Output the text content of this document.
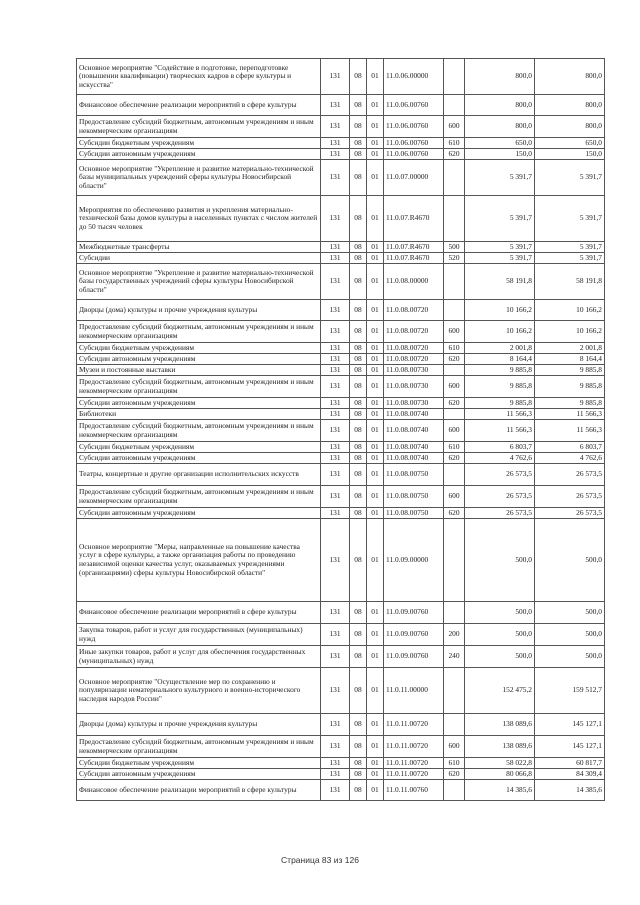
Основное мероприятие "Содействие в подготовке, переподготовке (повышении квалификации) творческих кадров в сфере культуры и искусства"	131	08	01	11.0.06.00000		800,0	800,0
Финансовое обеспечение реализации мероприятий в сфере культуры	131	08	01	11.0.06.00760		800,0	800,0
Предоставление субсидий бюджетным, автономным учреждениям и иным некоммерческим организациям	131	08	01	11.0.06.00760	600	800,0	800,0
Субсидии бюджетным учреждениям	131	08	01	11.0.06.00760	610	650,0	650,0
Субсидии автономным учреждениям	131	08	01	11.0.06.00760	620	150,0	150,0
Основное мероприятие "Укрепление и развитие материально-технической базы муниципальных учреждений сферы культуры Новосибирской области"	131	08	01	11.0.07.00000		5 391,7	5 391,7
Мероприятия по обеспечению развития и укрепления материально-технической базы домов культуры в населенных пунктах с числом жителей до 50 тысяч человек	131	08	01	11.0.07.R4670		5 391,7	5 391,7
Межбюджетные трансферты	131	08	01	11.0.07.R4670	500	5 391,7	5 391,7
Субсидии	131	08	01	11.0.07.R4670	520	5 391,7	5 391,7
Основное мероприятие "Укрепление и развитие материально-технической базы государственных учреждений сферы культуры Новосибирской области"	131	08	01	11.0.08.00000		58 191,8	58 191,8
Дворцы (дома) культуры и прочие учреждения культуры	131	08	01	11.0.08.00720		10 166,2	10 166,2
Предоставление субсидий бюджетным, автономным учреждениям и иным некоммерческим организациям	131	08	01	11.0.08.00720	600	10 166,2	10 166,2
Субсидии бюджетным учреждениям	131	08	01	11.0.08.00720	610	2 001,8	2 001,8
Субсидии автономным учреждениям	131	08	01	11.0.08.00720	620	8 164,4	8 164,4
Музеи и постоянные выставки	131	08	01	11.0.08.00730		9 885,8	9 885,8
Предоставление субсидий бюджетным, автономным учреждениям и иным некоммерческим организациям	131	08	01	11.0.08.00730	600	9 885,8	9 885,8
Субсидии автономным учреждениям	131	08	01	11.0.08.00730	620	9 885,8	9 885,8
Библиотеки	131	08	01	11.0.08.00740		11 566,3	11 566,3
Предоставление субсидий бюджетным, автономным учреждениям и иным некоммерческим организациям	131	08	01	11.0.08.00740	600	11 566,3	11 566,3
Субсидии бюджетным учреждениям	131	08	01	11.0.08.00740	610	6 803,7	6 803,7
Субсидии автономным учреждениям	131	08	01	11.0.08.00740	620	4 762,6	4 762,6
Театры, концертные и другие организации исполнительских искусств	131	08	01	11.0.08.00750		26 573,5	26 573,5
Предоставление субсидий бюджетным, автономным учреждениям и иным некоммерческим организациям	131	08	01	11.0.08.00750	600	26 573,5	26 573,5
Субсидии автономным учреждениям	131	08	01	11.0.08.00750	620	26 573,5	26 573,5
Основное мероприятие "Меры, направленные на повышение качества услуг в сфере культуры, а также организация работы по проведению независимой оценки качества услуг, оказываемых учреждениями (организациями) сферы культуры Новосибирской области"	131	08	01	11.0.09.00000		500,0	500,0
Финансовое обеспечение реализации мероприятий в сфере культуры	131	08	01	11.0.09.00760		500,0	500,0
Закупка товаров, работ и услуг для государственных (муниципальных) нужд	131	08	01	11.0.09.00760	200	500,0	500,0
Иные закупки товаров, работ и услуг для обеспечения государственных (муниципальных) нужд	131	08	01	11.0.09.00760	240	500,0	500,0
Основное мероприятие "Осуществление мер по сохранению и популяризации нематериального культурного и военно-исторического наследия народов России"	131	08	01	11.0.11.00000		152 475,2	159 512,7
Дворцы (дома) культуры и прочие учреждения культуры	131	08	01	11.0.11.00720		138 089,6	145 127,1
Предоставление субсидий бюджетным, автономным учреждениям и иным некоммерческим организациям	131	08	01	11.0.11.00720	600	138 089,6	145 127,1
Субсидии бюджетным учреждениям	131	08	01	11.0.11.00720	610	58 022,8	60 817,7
Субсидии автономным учреждениям	131	08	01	11.0.11.00720	620	80 066,8	84 309,4
Финансовое обеспечение реализации мероприятий в сфере культуры	131	08	01	11.0.11.00760		14 385,6	14 385,6
Страница 83 из 126
